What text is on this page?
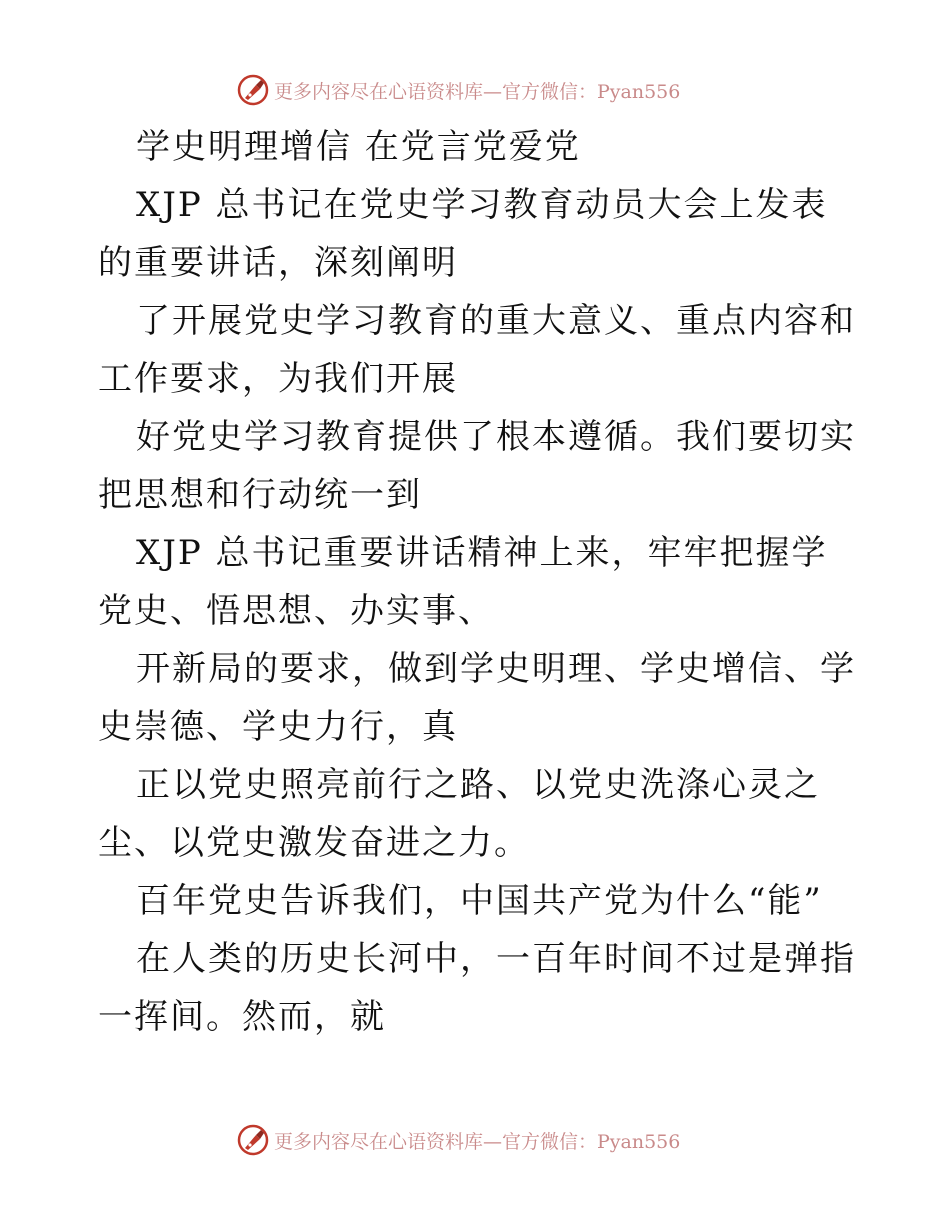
更多内容尽在心语资料库—官方微信：Pyan556

学史明理增信 在党言党爱党

XJP 总书记在党史学习教育动员大会上发表的重要讲话，深刻阐明

了开展党史学习教育的重大意义、重点内容和工作要求，为我们开展

好党史学习教育提供了根本遵循。我们要切实把思想和行动统一到

XJP 总书记重要讲话精神上来，牢牢把握学党史、悟思想、办实事、

开新局的要求，做到学史明理、学史增信、学史崇德、学史力行，真

正以党史照亮前行之路、以党史洗涤心灵之尘、以党史激发奋进之力。

百年党史告诉我们，中国共产党为什么“能”

在人类的历史长河中，一百年时间不过是弹指一挥间。然而，就

更多内容尽在心语资料库—官方微信：Pyan556
